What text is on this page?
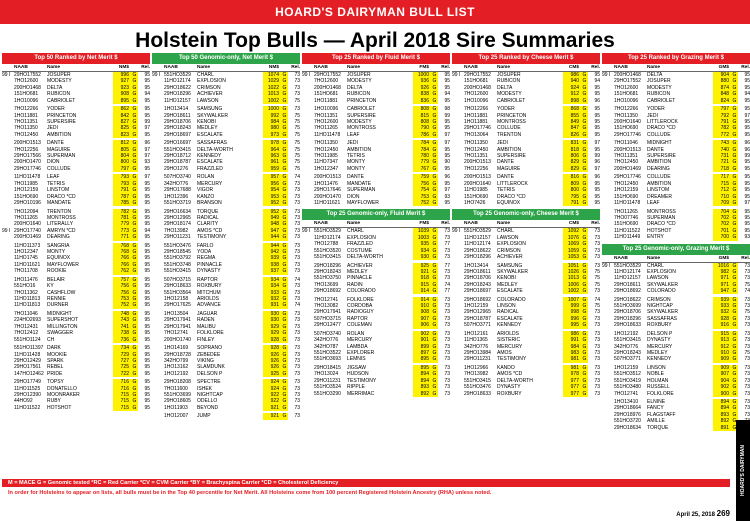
HOARD'S DAIRYMAN BULL LIST
Holstein Top Bulls — April 2018 Sire Summaries
Top 50 Ranked by Net Merit $
NAAB	Name	NM$	Rel.
99 I 29HO17552	JOSUPER	996 G	95
7HO12600	MODESTY	927 G	95
200HO1468	DELTA	923 G	95
151HO681	RUBICON	908 G	94
1HO10096	CABRIOLET	895 G	95
7HO12266	YODER	862 G	95
1HO11881	PRINCETON	842 G	95
7HO11351	SUPERSIRE	827 G	99
7HO11350	JEDI	825 G	97
7HO12450	AMBITION	823 G	95
200HO1513	DANTE	812 G	96
7HO12256	MAGUIRE	805 G	97
29HO17566	SUPERMAN	804 G	97
200HO1470	DION	800 G	93
29HO17746	COLLUDE	797 G	95
11HO11478	LEAF	793 G	97
7HO11985	TETRIS	793 G	95
1HO12159	LINSTOM	791 G	95
151HO690	DRACO *CD	787 G	95
29HO10196	MANDATE	785 G	95
7HO12094	TRENTON	782 G	95
7HO11265	MONTROSS	781 G	95
200HO1640	LITERALLY	779 G	95
99 I 29HO17740	AMRYN *CD	773 G	94
200HO1469	DEARING	771 G	95
11HO11373	SANGRIA	768 G	95
1HO12347	MONTY	768 G	95
11HO1745	EQUINOX	766 G	95
11HO11621	MAYFLOWER	766 G	95
7HO11708	ROOKIE	762 G	95
1HO11476	BELAIR	757 G	95
551HO16	KY	756 G	95
7HO11362	CASHFLOW	756 G	95
11HO11813	RENNIE	753 G	95
11HO11813	DURNER	752 G	95
7HO11046	MIDNIGHT	748 G	95
224HO2693	SUPERSHOT	743 G	95
7HO12431	MILLINGTON	741 G	95
7HO12412	SWAGGER	738 G	95
551HO1124	CH	736 G	95
551HO11397 DARK	734 G	95
11HO11428	MOOKIE	729 G	95
29HO12429	SPARK	727 G	95
29HO17561	REBEL	725 G	95
147HO12462 PRIDE	722 G	95
29HO17749	TOPSY	716 G	95
11HO11525	DONATELLO	716 G	95
29HO12390	MOONRAKER	715 G	95
44HO92	RUBY	715 G	95
11HO11522	HOTSHOT	715 G	95
Top 50 Genomic-only, Net Merit $
NAAB	Name	NM$	Rel.
99 I 551HO3529	CHARL	1074 G	73
11HO12174	EXPLOSION	1029 G	73
29HO18622	CRIMSON	1022 G	73
29HO18296	ACHIEVER	1013 G	73
11HO12157	LAWSON	1002 G	75
1HO13414	SAMSUNG	1000 G	73
29HO18611	SKYWALKER	992 G	75
29HO18706	KENOBI	984 G	75
29HO18243	MEDLEY	980 G	75
29HO18697	ESCALATE	973 G	75
29HO16697	SASSAFRAS	978 G	75
551HO3415	DELTA-WORTH	964 G	75
29HO18712	KENNEDY	963 G	75
29HO18787	ESCALATE	961 G	75
29HO1276	FRAZZLED	959 G	75
507HO3740	ROLAN	957 G	74
342HO776	MERCURY	956 G	73
29HO17688	VIGOR	954 G	73
1HO12396	KANZO	953 G	73
551HO3719	BRANSON	952 G	73
29HO16634	TORQUE	952 G	73
29HO12965	RADICAL	949 G	73
29HO18174	CLARITY	948 G	73
7HO13982	AMOS *CD	947 G	73
29HO11231	TESTIMONY	944 G	73
551HO3476	FARLO	944 G	73
29HO18545	YODA	942 G	73
551HO3792	REGMA	939 G	73
551HO3748	PINNACLE	938 G	73
551HO3415	DYNASTY	937 G	73
507HO3715	RAPTOR	934 G	74
29HO18633	ROXBURY	934 G	73
551HO3564	MITCHUM	933 G	73
1HO12158	ARIOLDS	932 G	73
29HO17625	ADVANCE	931 G	74
1HO13504	JAGUAR	930 G	73
29HO17941	RADEN	930 G	73
29HO17941	MALIBU	929 G	73
7HO12741	FOLKLORE	929 G	73
200HO1740	FINLEY	928 G	73
1HO14169	SOPRANO	928 G	73
29HO18728	ZEBEDEE	926 G	73
342HO799	VIKING	926 G	73
1HO13162	SLAMDUNK	926 G	73
1HO12192	DELSON P	925 G	73
29HO18208	SPECTRE	924 G	73
7HO11600	ISHEK	924 G	73
551HO3699	NIGHTCAP	922 G	73
29HO18605	ODELLO	922 G	73
1HO11903	BEYOND	921 G	73
1HO12007	JUMP	921 G	73
Top 25 Ranked by Fluid Merit $
NAAB	Name	FM$	Rel.
99 I 29HO17552	JOSUPER	1000 G	95
7HO12600	MODESTY	936 G	95
200HO1468	DELTA	926 G	95
151HO681	RUBICON	838 G	94
1HO11881	PRINCETON	836 G	95
1HO10096	CABRIOLET	808 G	98
7HO11351	SUPERSIRE	815 G	99
7HO12600	MODESTY	808 G	95
7HO11265	MONTROSS	790 G	95
11HO11478	LEAF	786 G	97
7HO11350	JEDI	784 G	97
7HO12450	AMBITION	784 G	95
7HO11985	TETRIS	780 G	95
11HO7347	MONTY	779 G	90
1HO12347	MONTY	767 G	95
200HO1513	DANTE	759 G	96
1HO11476	MANDATE	756 G	95
29HO17646	SUPERMAN	754 G	97
200HO1470	DION	753 G	93
11HO11621	MAYFLOWER	752 G	95
Top 25 Genomic-only, Fluid Merit $
NAAB	Name	FM$	Rel.
99 I 551HO3529	CHARL	1039 G	73
11HO12174	EXPLOSION	1003 G	73
7HO12788	FRAZZLED	935 G	77
551HO3520	COSTUME	934 G	73
551HO3415	DELTA-WORTH	930 G	73
29HO18296	ACHIEVER	925 G	77
29HO18243	MEDLEY	921 G	73
551HO3750	PINNACLE	918 G	73
7HO13699	RADIN	915 G	74
29HO18692	COLORADO	914 G	77
7HO12741	FOLKLORE	914 G	73
7HO13082	CORDOBA	910 G	73
29HO17941	RADIOGUY	908 G	73
507HO3715	RAPTOR	907 G	73
29HO12477	COLEMAN	906 G	73
507HO3740	ROLAN	902 G	73
342HO776	MERCURY	901 G	73
342HO787	LAMBDA	899 G	73
551HO3522	EXPLORER	897 G	73
551HO3693	LEMNIS	895 G	73
29HO18415	JIGSAW	895 G	73
7HO13024	HUDSON	894 G	73
29HO11231	TESTIMONY	894 G	73
551HO3524	RIPPLE	893 G	73
551HO3290	MERRIMAC	892 G	73
Top 25 Ranked by Cheese Merit $
NAAB	Name	CM$	Rel.
99 I 29HO17552	JOSUPER	986 G	95
151HO681	RUBICON	940 G	94
200HO1468	DELTA	924 G	95
7HO12600	MODESTY	912 G	95
1HO10096	CABRIOLET	898 G	96
7HO12266	YODER	868 G	95
1HO11881	PRINCETON	855 G	95
1HO11881	MONTROSS	849 G	95
29HO17746	COLLUDE	847 G	95
7HO13064	TRENTON	826 G	95
7HO11350	JEDI	831 G	97
7HO12450	AMBITION	818 G	95
7HO11351	SUPERSIRE	806 G	99
200HO1513	DANTE	829 G	96
7HO12256	MAGUIRE	829 G	97
200HO1513	DANTE	816 G	96
200HO1640	LITTLEROCK	809 G	95
11HO1985	TETRIS	800 G	95
151HO690	DRACO *CD	795 G	95
1HO7426	EQUINOX	791 G	95
Top 25 Genomic-only, Cheese Merit $
NAAB	Name	CM$	Rel.
99 I 551HO3529	CHARL	1092 G	73
11HO12157	LAWSON	1076 G	73
11HO12174	EXPLOSION	1069 G	73
29HO18622	CRIMSON	1059 G	73
29HO18296	ACHIEVER	1053 G	73
1HO13414	SAMSUNG	1051 G	73
29HO18611	SKYWALKER	1026 G	75
29HO18706	KENOBI	1013 G	75
29HO18243	MEDLEY	1006 G	75
29HO18697	ESCALATE	1002 G	73
29HO18692	COLORADO	1007 G	74
1HO12159	LINSON	999 G	75
29HO12965	RADICAL	998 G	73
29HO18787	ESCALATE	996 G	73
507HO3771	KENNEDY	995 G	73
1HO12161	ARIOLDS	986 G	73
11HO1365	SISTERIC	991 G	73
342HO776	MERCURY	984 G	73
29HO13984	AMOS	983 G	73
29HO11231	TESTIMONY	981 G	73
1HO12966	KANDO	981 G	73
7HO13982	AMOS *CD	978 G	73
551HO3415	DELTA-WORTH	977 G	73
551HO3476	DYNASTY	977 G	73
29HO18633	ROXBURY	977 G	73
Top 25 Ranked by Grazing Merit $
NAAB	Name	GM$	Rel.
99 I 200HO1468	DELTA	904 G	95
29HO17552	JOSUPER	880 G	95
7HO12600	MODESTY	874 G	95
151HO681	RUBICON	848 G	94
1HO10096	CABRIOLET	824 G	95
7HO12266	YODER	797 G	95
7HO11350	JEDI	792 G	97
200HO1640	LITTLEROCK	791 G	95
151HO690	DRACO *CD	782 G	95
29HO17746	COLLUDE	772 G	95
7HO11046	MIDNIGHT	743 G	96
200HO1513	DANTE	740 G	96
7HO11351	SUPERSIRE	731 G	99
7HO12450	AMBITION	721 G	95
200HO1469	DEARING	718 G	95
29HO17746	COLLUDE	717 G	95
7HO12450	AMBITION	715 G	95
1HO12159	LINSTOM	712 G	95
151HO690	DREAMER	710 G	95
11HO11478	LEAF	709 G	97
7HO11265	MONTROSS	704 G	95
7HO07746	SUPERMAN	702 G	95
151HO690	DRACO *CD	702 G	95
11HO11522	HOTSHOT	701 G	95
11HO11449	ENTRY	700 G	93
Top 25 Genomic-only, Grazing Merit $
NAAB	Name	GM$	Rel.
99 I 551HO3529	CHARL	1016 G	73
11HO12174	EXPLOSION	982 G	73
11HO12157	LAWSON	971 G	73
29HO18611	SKYWALKER	971 G	75
29HO18692	COLORADO	947 G	74
29HO18622	CRIMSON	939 G	73
551HO3699	NIGHTCAP	933 G	73
29HO18706	SKYWALKER	932 G	75
29HO18296	SASSAFRAS	928 G	73
29HO18633	ROXBURY	916 G	73
1HO12192	DELSON P	915 G	73
551HO3415	DYNASTY	913 G	73
342HO776	MERCURY	912 G	73
29HO18243	MEDLEY	910 G	75
507HO3771	KENNEDY	909 G	73
1HO12159	LINSON	909 G	73
551HO3512	NOBLE	907 G	73
551HO3419	HOLMAN	904 G	73
551HO3480	RUSSELL	902 G	73
7HO12741	FOLKLORE	900 G	73
1HO13410	ELNINE	894 G	73
29HO18664	FANCY	894 G	73
29HO18976	FLAGSTAFF	893 G	73
551HO3720	AMILLE	892 G
29HO18634	TORQUE	891 G
M = MACE G = Genomic tested *RC = Red Carrier *CV = CVM Carrier *BY = Brachyspina Carrier *CD = Cholesterol Deficiency
In order for Holsteins to appear on lists, all bulls must be in the Top 40 percentile for Net Merit. All Holsteins come from 100 percent Registered Holstein Ancestry (RHA) unless noted.	HOARD'S DAIRYMAN
April 25, 2018 269
